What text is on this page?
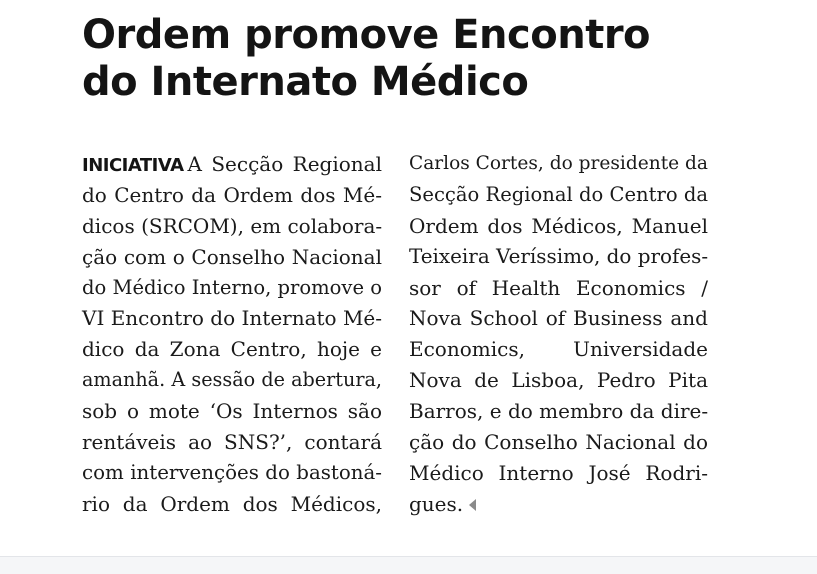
Ordem promove Encontro
do Internato Médico
INICIATIVA A Secção Regional
do Centro da Ordem dos Mé-
dicos (SRCOM), em colabora-
ção com o Conselho Nacional
do Médico Interno, promove o
VI Encontro do Internato Mé-
dico da Zona Centro, hoje e
amanhã. A sessão de abertura,
sob o mote ‘Os Internos são
rentáveis ao SNS?’, contará
com intervenções do bastoná-
rio da Ordem dos Médicos,
Carlos Cortes, do presidente da
Secção Regional do Centro da
Ordem dos Médicos, Manuel
Teixeira Veríssimo, do profes-
sor of Health Economics /
Nova School of Business and
Economics, Universidade
Nova de Lisboa, Pedro Pita
Barros, e do membro da dire-
ção do Conselho Nacional do
Médico Interno José Rodri-
gues.
